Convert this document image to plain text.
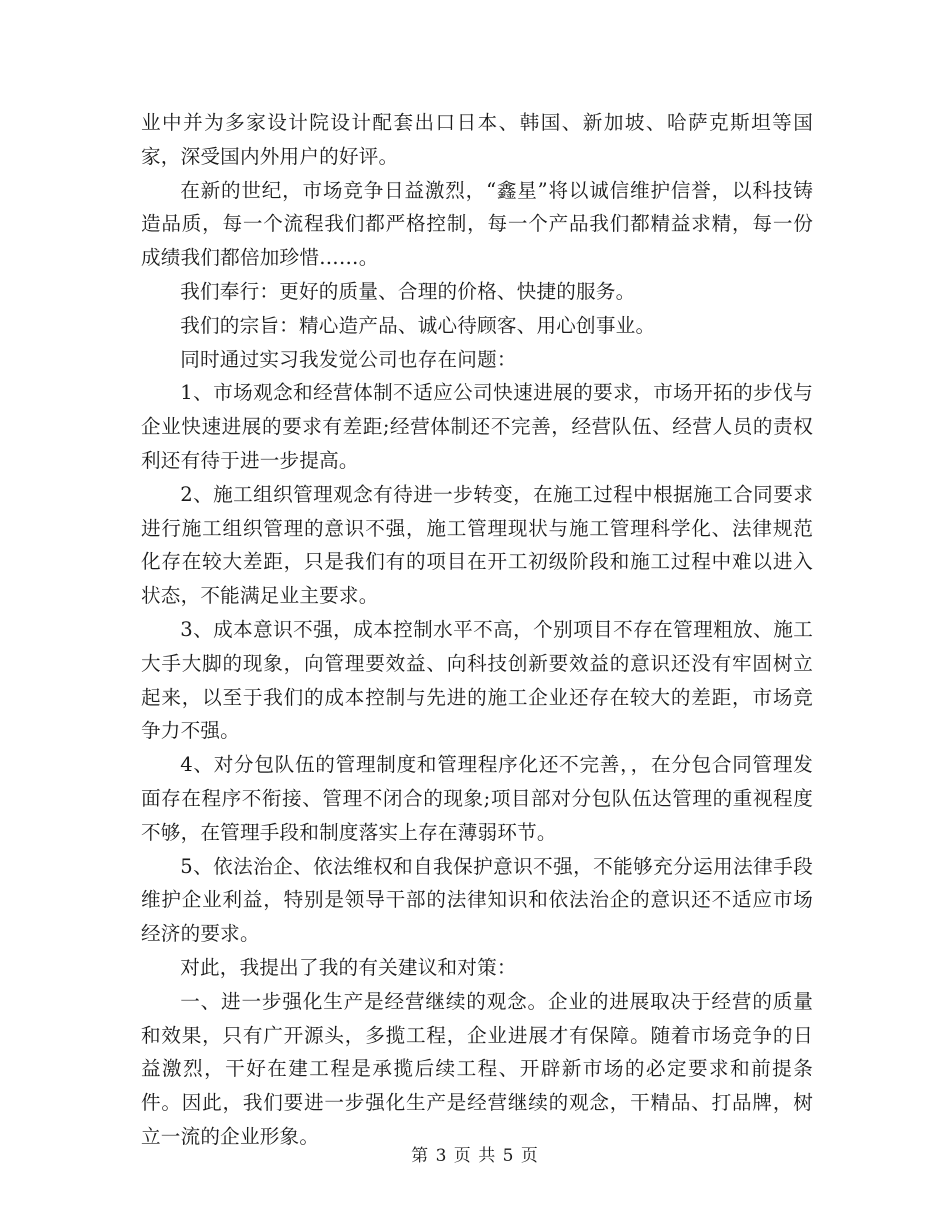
业中并为多家设计院设计配套出口日本、韩国、新加坡、哈萨克斯坦等国家，深受国内外用户的好评。

在新的世纪，市场竞争日益激烈，“鑫星”将以诚信维护信誉，以科技铸造品质，每一个流程我们都严格控制，每一个产品我们都精益求精，每一份成绩我们都倍加珍惜……。

我们奉行：更好的质量、合理的价格、快捷的服务。

我们的宗旨：精心造产品、诚心待顾客、用心创事业。

同时通过实习我发觉公司也存在问题：

1、市场观念和经营体制不适应公司快速进展的要求，市场开拓的步伐与企业快速进展的要求有差距;经营体制还不完善，经营队伍、经营人员的责权利还有待于进一步提高。

2、施工组织管理观念有待进一步转变，在施工过程中根据施工合同要求进行施工组织管理的意识不强，施工管理现状与施工管理科学化、法律规范化存在较大差距，只是我们有的项目在开工初级阶段和施工过程中难以进入状态，不能满足业主要求。

3、成本意识不强，成本控制水平不高，个别项目不存在管理粗放、施工大手大脚的现象，向管理要效益、向科技创新要效益的意识还没有牢固树立起来，以至于我们的成本控制与先进的施工企业还存在较大的差距，市场竞争力不强。

4、对分包队伍的管理制度和管理程序化还不完善，，在分包合同管理发面存在程序不衔接、管理不闭合的现象;项目部对分包队伍达管理的重视程度不够，在管理手段和制度落实上存在薄弱环节。

5、依法治企、依法维权和自我保护意识不强，不能够充分运用法律手段维护企业利益，特别是领导干部的法律知识和依法治企的意识还不适应市场经济的要求。

对此，我提出了我的有关建议和对策：

一、进一步强化生产是经营继续的观念。企业的进展取决于经营的质量和效果，只有广开源头，多揽工程，企业进展才有保障。随着市场竞争的日益激烈，干好在建工程是承揽后续工程、开辟新市场的必定要求和前提条件。因此，我们要进一步强化生产是经营继续的观念，干精品、打品牌，树立一流的企业形象。

第 3 页 共 5 页
